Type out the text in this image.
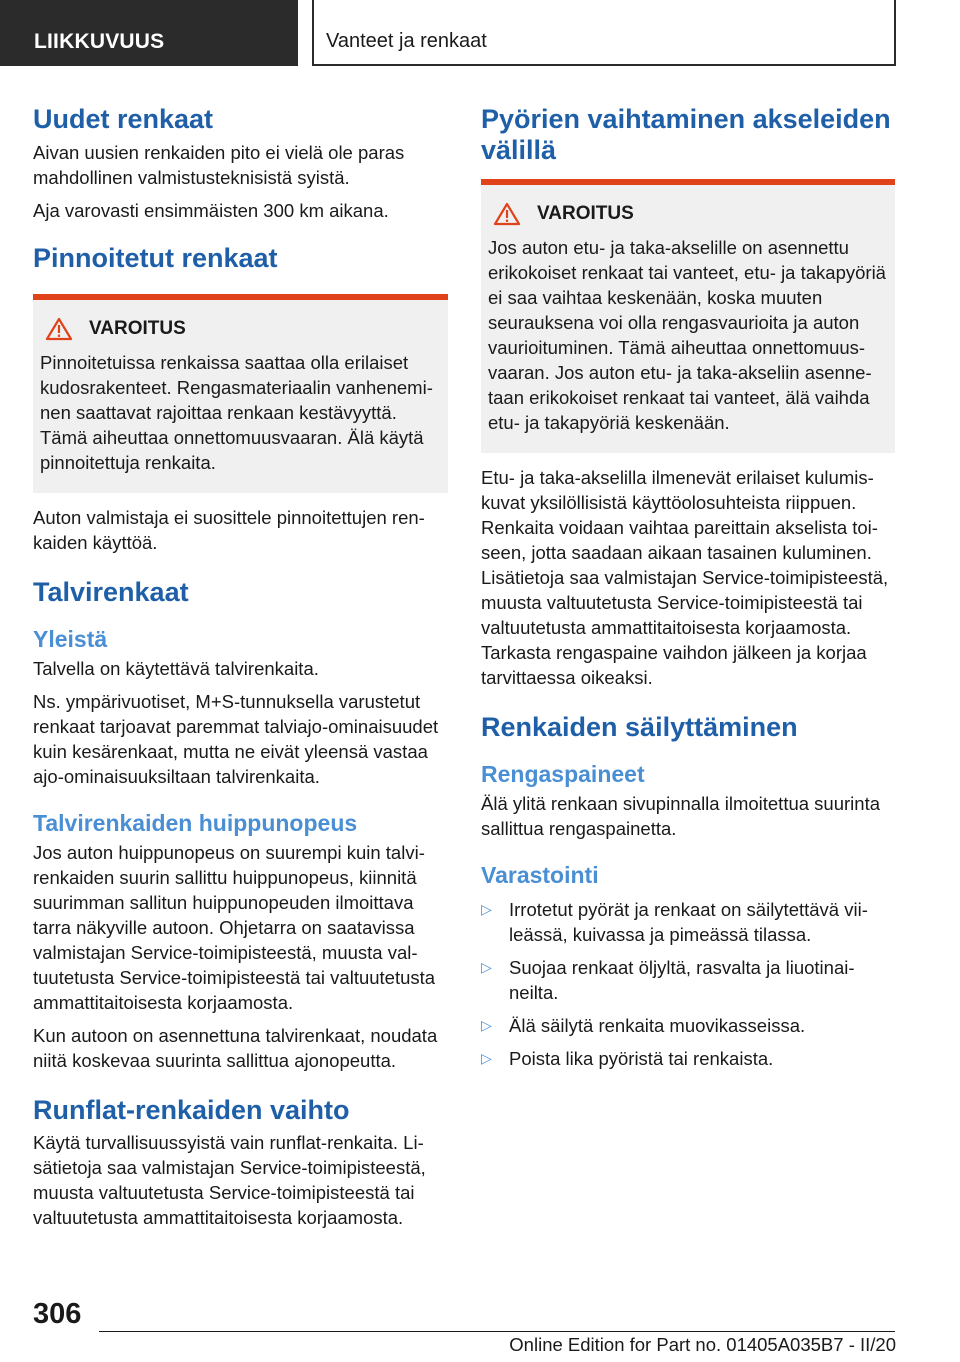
LIIKKUVUUS	Vanteet ja renkaat
Uudet renkaat

Aivan uusien renkaiden pito ei vielä ole paras mahdollinen valmistusteknisistä syistä.

Aja varovasti ensimmäisten 300 km aikana.

Pinnoitetut renkaat
VAROITUS

Pinnoitetuissa renkaissa saattaa olla erilaiset kudosrakenteet. Rengasmateriaalin vanheneminen saattavat rajoittaa renkaan kestävyyttä. Tämä aiheuttaa onnettomuusvaaran. Älä käytä pinnoitettuja renkaita.

Auton valmistaja ei suosittele pinnoitettujen renkaiden käyttöä.

Talvirenkaat
Yleistä

Talvella on käytettävä talvirenkaita.

Ns. ympärivuotiset, M+S-tunnuksella varustetut renkaat tarjoavat paremmat talviajo-ominaisuudet kuin kesärenkaat, mutta ne eivät yleensä vastaa ajo-ominaisuuksiltaan talvirenkaita.

Talvirenkaiden huippunopeus

Jos auton huippunopeus on suurempi kuin talvirenkaiden suurin sallittu huippunopeus, kiinnitä suurimman sallitun huippunopeuden ilmoittava tarra näkyville autoon. Ohjetarra on saatavissa valmistajan Service-toimipisteestä, muusta valtuutetusta Service-toimipisteestä tai valtuutetusta ammattitaitoisesta korjaamosta.

Kun autoon on asennettuna talvirenkaat, noudata niitä koskevaa suurinta sallittua ajonopeutta.

Runflat-renkaiden vaihto

Käytä turvallisuussyistä vain runflat-renkaita. Lisätietoja saa valmistajan Service-toimipisteestä, muusta valtuutetusta Service-toimipisteestä tai valtuutetusta ammattitaitoisesta korjaamosta.

Pyörien vaihtaminen akseleiden välillä
VAROITUS

Jos auton etu- ja taka-akselille on asennettu erikokoiset renkaat tai vanteet, etu- ja takapyöriä ei saa vaihtaa keskenään, koska muuten seurauksena voi olla rengasvaurioita ja auton vaurioituminen. Tämä aiheuttaa onnettomuusvaaran. Jos auton etu- ja taka-akseliin asennetaan erikokoiset renkaat tai vanteet, älä vaihda etu- ja takapyöriä keskenään.

Etu- ja taka-akselilla ilmenevät erilaiset kulumiskuvat yksilöllisistä käyttöolosuhteista riippuen. Renkaita voidaan vaihtaa pareittain akselista toiseen, jotta saadaan aikaan tasainen kuluminen. Lisätietoja saa valmistajan Service-toimipisteestä, muusta valtuutetusta Service-toimipisteestä tai valtuutetusta ammattitaitoisesta korjaamosta. Tarkasta rengaspaine vaihdon jälkeen ja korjaa tarvittaessa oikeaksi.

Renkaiden säilyttäminen
Rengaspaineet

Älä ylitä renkaan sivupinnalla ilmoitettua suurinta sallittua rengaspainetta.

Varastointi
▷ Irrotetut pyörät ja renkaat on säilytettävä viileässä, kuivassa ja pimeässä tilassa.
▷ Suojaa renkaat öljyltä, rasvalta ja liuotinaineilta.
▷ Älä säilytä renkaita muovikasseissa.
▷ Poista lika pyöristä tai renkaista.
306
Online Edition for Part no. 01405A035B7 - II/20
